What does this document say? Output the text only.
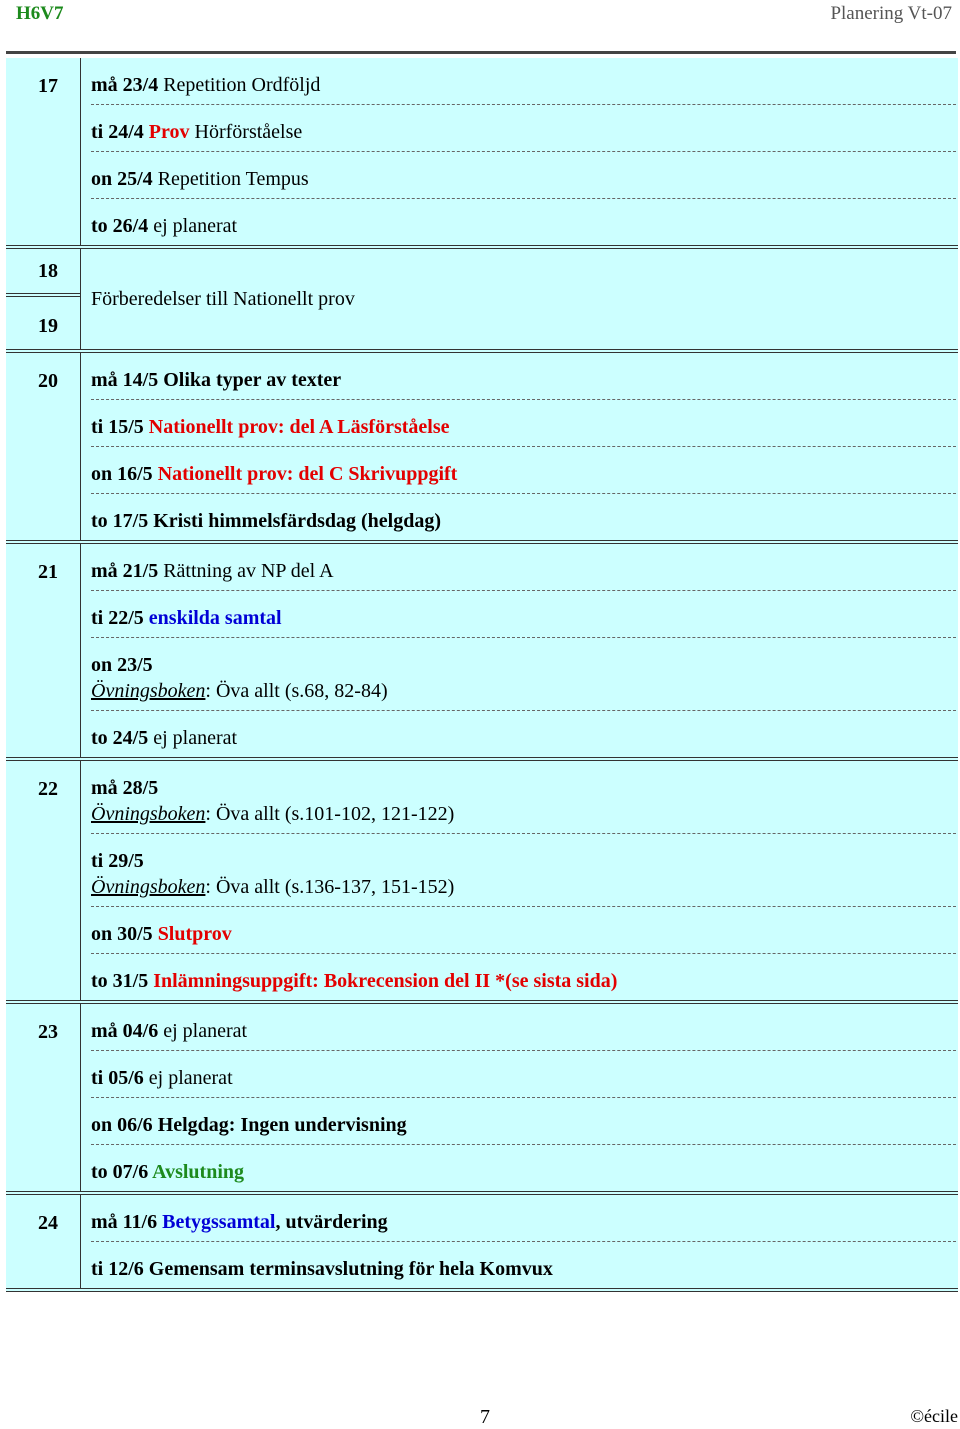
H6V7	Planering Vt-07
17	må 23/4 Repetition Ordföljd
ti 24/4 Prov Hörförståelse
on 25/4 Repetition Tempus
to 26/4 ej planerat
18
19
Förberedelser till Nationellt prov
20	må 14/5 Olika typer av texter
ti 15/5 Nationellt prov: del A Läsförståelse
on 16/5 Nationellt prov: del C Skrivuppgift
to 17/5 Kristi himmelsfärdsdag (helgdag)
21	må 21/5 Rättning av NP del A
ti 22/5 enskilda samtal
on 23/5
Övningsboken: Öva allt (s.68, 82-84)
to 24/5 ej planerat
22	må 28/5
Övningsboken: Öva allt (s.101-102, 121-122)
ti 29/5
Övningsboken: Öva allt (s.136-137, 151-152)
on 30/5 Slutprov
to 31/5 Inlämningsuppgift: Bokrecension del II *(se sista sida)
23	må 04/6 ej planerat
ti 05/6 ej planerat
on 06/6 Helgdag: Ingen undervisning
to 07/6 Avslutning
24	må 11/6 Betygssamtal, utvärdering
ti 12/6 Gemensam terminsavslutning för hela Komvux
7	©écile
